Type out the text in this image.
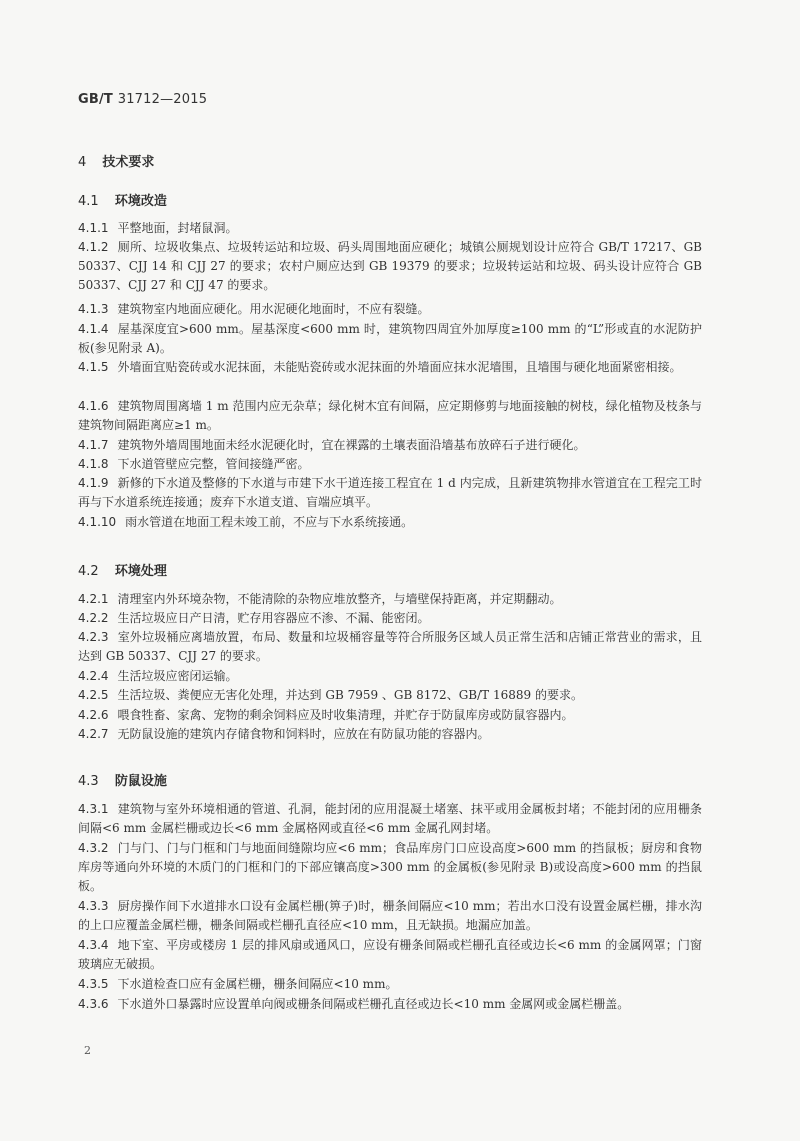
GB/T 31712—2015
4 技术要求
4.1 环境改造
4.1.1 平整地面，封堵鼠洞。
4.1.2 厕所、垃圾收集点、垃圾转运站和垃圾、码头周围地面应硬化；城镇公厕规划设计应符合 GB/T 17217、GB 50337、CJJ 14 和 CJJ 27 的要求；农村户厕应达到 GB 19379 的要求；垃圾转运站和垃圾、码头设计应符合 GB 50337、CJJ 27 和 CJJ 47 的要求。
4.1.3 建筑物室内地面应硬化。用水泥硬化地面时，不应有裂缝。
4.1.4 屋基深度宜>600 mm。屋基深度<600 mm 时，建筑物四周宜外加厚度≥100 mm 的“L”形或直的水泥防护板(参见附录 A)。
4.1.5 外墙面宜贴瓷砖或水泥抹面，未能贴瓷砖或水泥抹面的外墙面应抹水泥墙围，且墙围与硬化地面紧密相接。
4.1.6 建筑物周围离墙 1 m 范围内应无杂草；绿化树木宜有间隔，应定期修剪与地面接触的树枝，绿化植物及枝条与建筑物间隔距离应≥1 m。
4.1.7 建筑物外墙周围地面未经水泥硬化时，宜在裸露的土壤表面沿墙基布放碎石子进行硬化。
4.1.8 下水道管壁应完整，管间接缝严密。
4.1.9 新修的下水道及整修的下水道与市建下水干道连接工程宜在 1 d 内完成，且新建筑物排水管道宜在工程完工时再与下水道系统连接通；废弃下水道支道、盲端应填平。
4.1.10 雨水管道在地面工程未竣工前，不应与下水系统接通。
4.2 环境处理
4.2.1 清理室内外环境杂物，不能清除的杂物应堆放整齐，与墙壁保持距离，并定期翻动。
4.2.2 生活垃圾应日产日清，贮存用容器应不渗、不漏、能密闭。
4.2.3 室外垃圾桶应离墙放置，布局、数量和垃圾桶容量等符合所服务区域人员正常生活和店铺正常营业的需求，且达到 GB 50337、CJJ 27 的要求。
4.2.4 生活垃圾应密闭运输。
4.2.5 生活垃圾、粪便应无害化处理，并达到 GB 7959 、GB 8172、GB/T 16889 的要求。
4.2.6 喂食牲畜、家禽、宠物的剩余饲料应及时收集清理，并贮存于防鼠库房或防鼠容器内。
4.2.7 无防鼠设施的建筑内存储食物和饲料时，应放在有防鼠功能的容器内。
4.3 防鼠设施
4.3.1 建筑物与室外环境相通的管道、孔洞，能封闭的应用混凝土堵塞、抹平或用金属板封堵；不能封闭的应用栅条间隔<6 mm 金属栏栅或边长<6 mm 金属格网或直径<6 mm 金属孔网封堵。
4.3.2 门与门、门与门框和门与地面间缝隙均应<6 mm；食品库房门口应设高度>600 mm 的挡鼠板；厨房和食物库房等通向外环境的木质门的门框和门的下部应镶高度>300 mm 的金属板(参见附录 B)或设高度>600 mm 的挡鼠板。
4.3.3 厨房操作间下水道排水口设有金属栏栅(箅子)时，栅条间隔应<10 mm；若出水口没有设置金属栏栅，排水沟的上口应覆盖金属栏栅，栅条间隔或栏栅孔直径应<10 mm，且无缺损。地漏应加盖。
4.3.4 地下室、平房或楼房 1 层的排风扇或通风口，应设有栅条间隔或栏栅孔直径或边长<6 mm 的金属网罩；门窗玻璃应无破损。
4.3.5 下水道检查口应有金属栏栅，栅条间隔应<10 mm。
4.3.6 下水道外口暴露时应设置单向阀或栅条间隔或栏栅孔直径或边长<10 mm 金属网或金属栏栅盖。
2
